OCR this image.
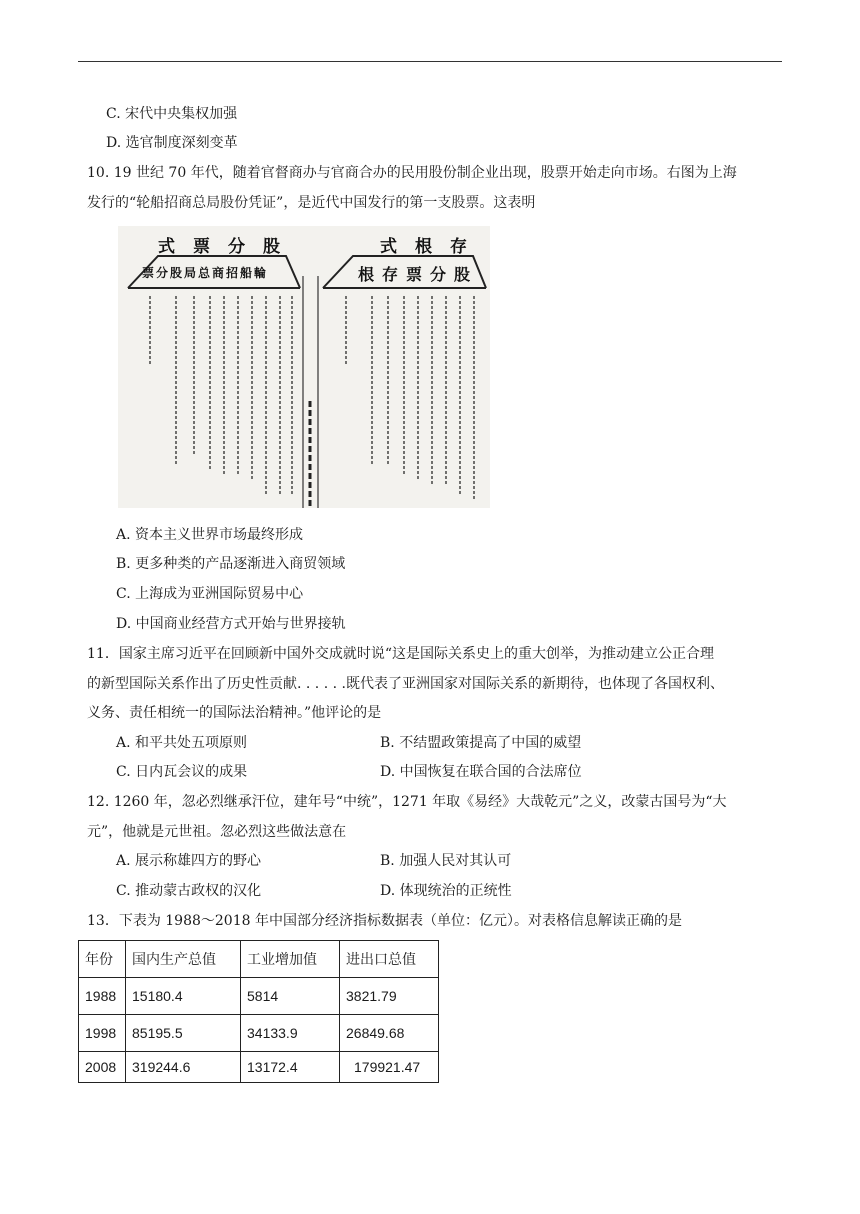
C. 宋代中央集权加强
D. 选官制度深刻变革
10. 19 世纪 70 年代，随着官督商办与官商合办的民用股份制企业出现，股票开始走向市场。右图为上海
发行的“轮船招商总局股份凭证”，是近代中国发行的第一支股票。这表明
式票分股	式根存
票分股局总商招船輪	根存票分股
A. 资本主义世界市场最终形成
B. 更多种类的产品逐渐进入商贸领域
C. 上海成为亚洲国际贸易中心
D. 中国商业经营方式开始与世界接轨
11．国家主席习近平在回顾新中国外交成就时说“这是国际关系史上的重大创举，为推动建立公正合理
的新型国际关系作出了历史性贡献. . . . . .既代表了亚洲国家对国际关系的新期待，也体现了各国权利、
义务、责任相统一的国际法治精神。”他评论的是
A. 和平共处五项原则	B. 不结盟政策提高了中国的威望
C. 日内瓦会议的成果	D. 中国恢复在联合国的合法席位
12. 1260 年，忽必烈继承汗位，建年号“中统”，1271 年取《易经》大哉乾元”之义，改蒙古国号为“大
元”，他就是元世祖。忽必烈这些做法意在
A. 展示称雄四方的野心	B. 加强人民对其认可
C. 推动蒙古政权的汉化	D. 体现统治的正统性
13．下表为 1988～2018 年中国部分经济指标数据表（单位：亿元）。对表格信息解读正确的是
年份	国内生产总值	工业增加值	进出口总值
1988	15180.4	5814	3821.79
1998	85195.5	34133.9	26849.68
2008	319244.6	13172.4	179921.47
